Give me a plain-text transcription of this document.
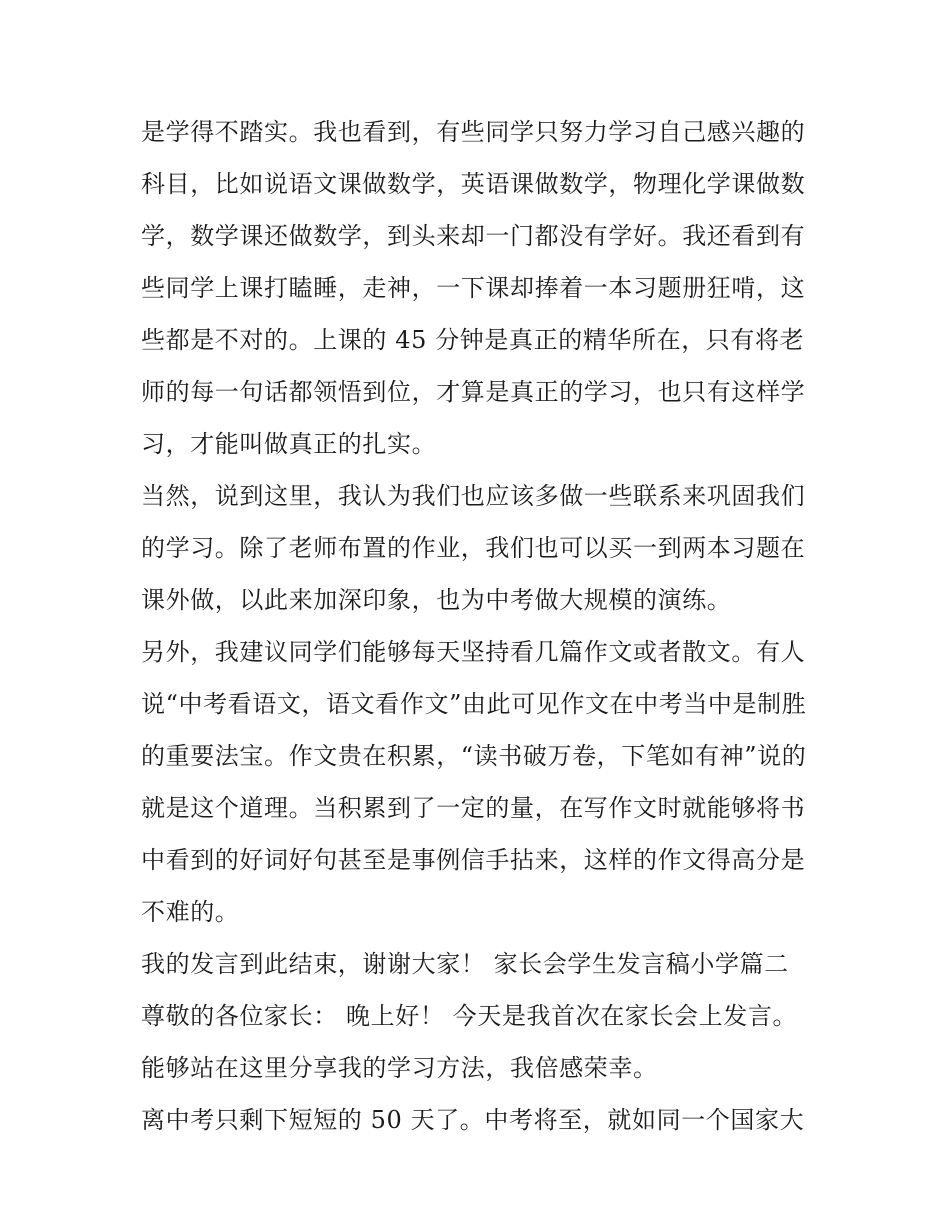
是学得不踏实。我也看到，有些同学只努力学习自己感兴趣的
科目，比如说语文课做数学，英语课做数学，物理化学课做数
学，数学课还做数学，到头来却一门都没有学好。我还看到有
些同学上课打瞌睡，走神，一下课却捧着一本习题册狂啃，这
些都是不对的。上课的 45 分钟是真正的精华所在，只有将老
师的每一句话都领悟到位，才算是真正的学习，也只有这样学
习，才能叫做真正的扎实。
当然，说到这里，我认为我们也应该多做一些联系来巩固我们
的学习。除了老师布置的作业，我们也可以买一到两本习题在
课外做，以此来加深印象，也为中考做大规模的演练。
另外，我建议同学们能够每天坚持看几篇作文或者散文。有人
说“中考看语文，语文看作文”由此可见作文在中考当中是制胜
的重要法宝。作文贵在积累，“读书破万卷，下笔如有神”说的
就是这个道理。当积累到了一定的量，在写作文时就能够将书
中看到的好词好句甚至是事例信手拈来，这样的作文得高分是
不难的。
我的发言到此结束，谢谢大家！ 家长会学生发言稿小学篇二
尊敬的各位家长： 晚上好！ 今天是我首次在家长会上发言。
能够站在这里分享我的学习方法，我倍感荣幸。
离中考只剩下短短的 50 天了。中考将至，就如同一个国家大
